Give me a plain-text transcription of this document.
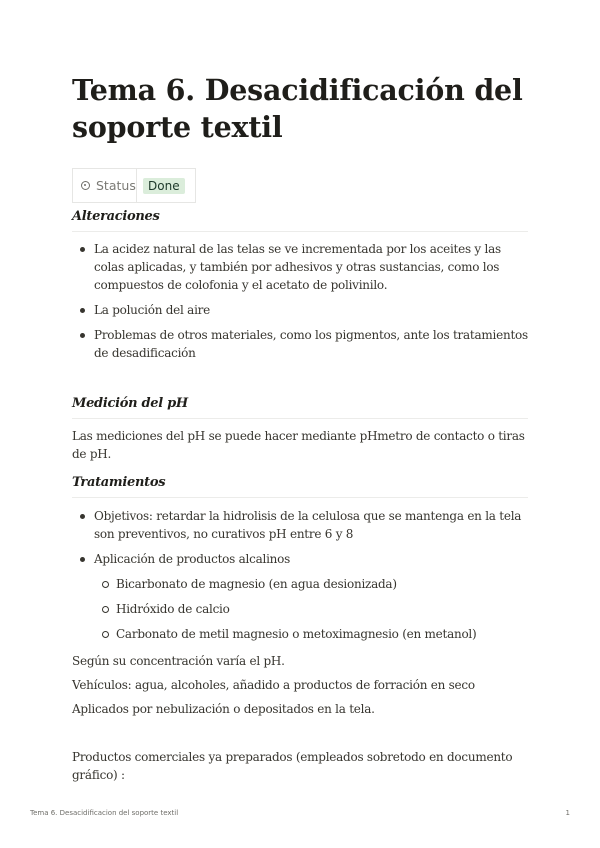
Tema 6. Desacidificación del soporte textil
Status	Done
Alteraciones
La acidez natural de las telas se ve incrementada por los aceites y las colas aplicadas, y también por adhesivos y otras sustancias, como los compuestos de colofonia y el acetato de polivinilo.
La polución del aire
Problemas de otros materiales, como los pigmentos, ante los tratamientos de desadificación
Medición del pH

Las mediciones del pH se puede hacer mediante pHmetro de contacto o tiras de pH.

Tratamientos
Objetivos: retardar la hidrolisis de la celulosa que se mantenga en la tela son preventivos, no curativos pH entre 6 y 8
Aplicación de productos alcalinos
Bicarbonato de magnesio (en agua desionizada)
Hidróxido de calcio
Carbonato de metil magnesio o metoximagnesio (en metanol)

Según su concentración varía el pH.

Vehículos: agua, alcoholes, añadido a productos de forración en seco

Aplicados por nebulización o depositados en la tela.

Productos comerciales ya preparados (empleados sobretodo en documento gráfico) :

Tema 6. Desacidificacion del soporte textil	1
